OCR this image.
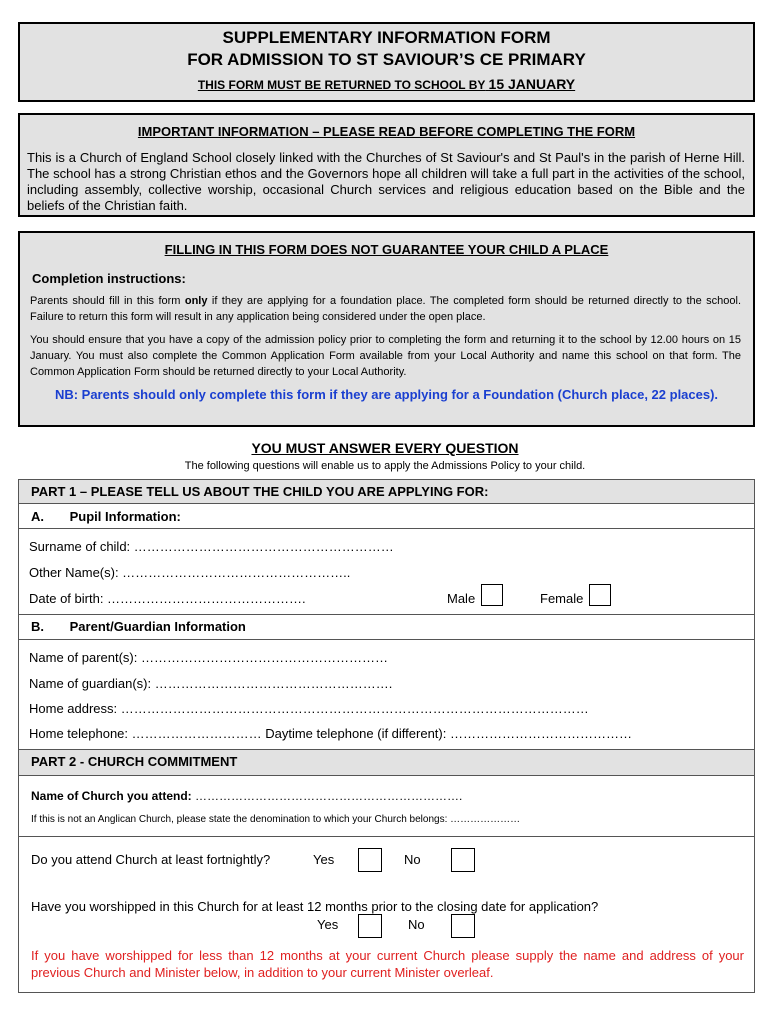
SUPPLEMENTARY INFORMATION FORM
FOR ADMISSION TO ST SAVIOUR’S CE PRIMARY
THIS FORM MUST BE RETURNED TO SCHOOL BY 15 JANUARY
IMPORTANT INFORMATION – PLEASE READ BEFORE COMPLETING THE FORM
This is a Church of England School closely linked with the Churches of St Saviour's and St Paul's in the parish of Herne Hill. The school has a strong Christian ethos and the Governors hope all children will take a full part in the activities of the school, including assembly, collective worship, occasional Church services and religious education based on the Bible and the beliefs of the Christian faith.
FILLING IN THIS FORM DOES NOT GUARANTEE YOUR CHILD A PLACE
Completion instructions:
Parents should fill in this form only if they are applying for a foundation place. The completed form should be returned directly to the school. Failure to return this form will result in any application being considered under the open place.
You should ensure that you have a copy of the admission policy prior to completing the form and returning it to the school by 12.00 hours on 15 January. You must also complete the Common Application Form available from your Local Authority and name this school on that form. The Common Application Form should be returned directly to your Local Authority.
NB: Parents should only complete this form if they are applying for a Foundation (Church place, 22 places).
YOU MUST ANSWER EVERY QUESTION
The following questions will enable us to apply the Admissions Policy to your child.
PART 1 – PLEASE TELL US ABOUT THE CHILD YOU ARE APPLYING FOR:
A. Pupil Information:
Surname of child: ……………………………………………………
Other Name(s): ……………………………………………..
Date of birth: ……………………………………….	Male	Female
B. Parent/Guardian Information
Name of parent(s): …………………………………………………
Name of guardian(s): ……………………………………………….
Home address: ………………………………………………………………………………………………
Home telephone: ………………………… Daytime telephone (if different): ……………………………………
PART 2 - CHURCH COMMITMENT
Name of Church you attend: ………………………………………………………….
If this is not an Anglican Church, please state the denomination to which your Church belongs: …………………
Do you attend Church at least fortnightly?	Yes	No
Have you worshipped in this Church for at least 12 months prior to the closing date for application?
Yes	No
If you have worshipped for less than 12 months at your current Church please supply the name and address of your previous Church and Minister below, in addition to your current Minister overleaf.
